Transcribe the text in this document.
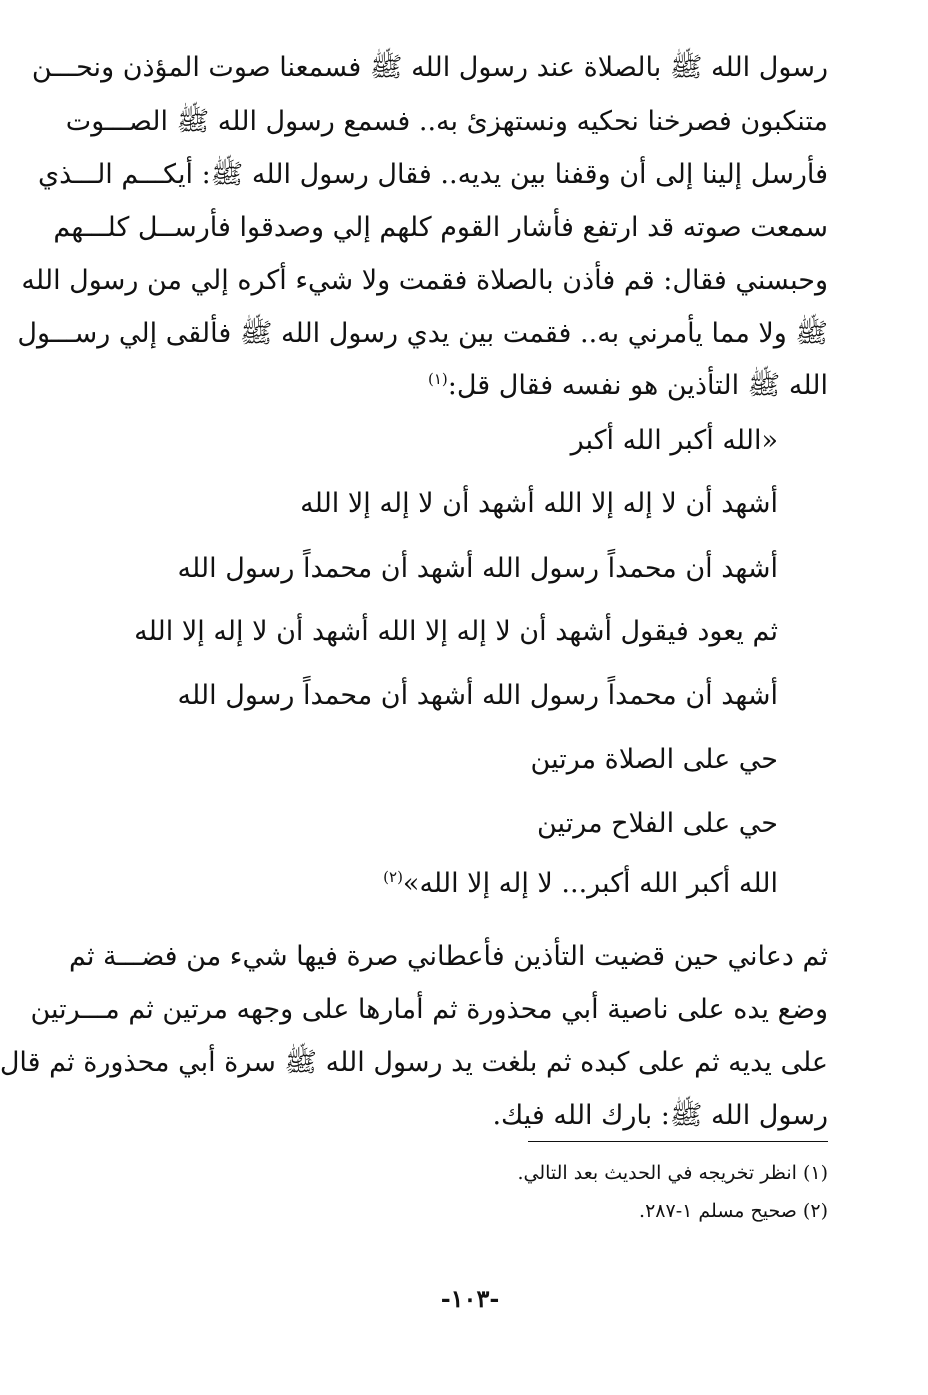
رسول الله ﷺ بالصلاة عند رسول الله ﷺ فسمعنا صوت المؤذن ونحـــن
متنكبون فصرخنا نحكيه ونستهزئ به.. فسمع رسول الله ﷺ الصـــوت
فأرسل إلينا إلى أن وقفنا بين يديه.. فقال رسول الله ﷺ: أيكـــم الـــذي
سمعت صوته قد ارتفع فأشار القوم كلهم إلي وصدقوا فأرســل كلـــهم
وحبسني فقال: قم فأذن بالصلاة فقمت ولا شيء أكره إلي من رسول الله
ﷺ ولا مما يأمرني به.. فقمت بين يدي رسول الله ﷺ فألقى إلي رســـول
الله ﷺ التأذين هو نفسه فقال قل:$^{(١)}$
«الله أكبر الله أكبر
أشهد أن لا إله إلا الله أشهد أن لا إله إلا الله
أشهد أن محمداً رسول الله أشهد أن محمداً رسول الله
ثم يعود فيقول أشهد أن لا إله إلا الله أشهد أن لا إله إلا الله
أشهد أن محمداً رسول الله أشهد أن محمداً رسول الله
حي على الصلاة مرتين
حي على الفلاح مرتين
الله أكبر الله أكبر... لا إله إلا الله»$^{(٢)}$
ثم دعاني حين قضيت التأذين فأعطاني صرة فيها شيء من فضـــة ثم
وضع يده على ناصية أبي محذورة ثم أمارها على وجهه مرتين ثم مـــرتين
على يديه ثم على كبده ثم بلغت يد رسول الله ﷺ سرة أبي محذورة ثم قال
رسول الله ﷺ: بارك الله فيك.
(١) انظر تخريجه في الحديث بعد التالي.
(٢) صحيح مسلم ١-٢٨٧.
-١٠٣-
